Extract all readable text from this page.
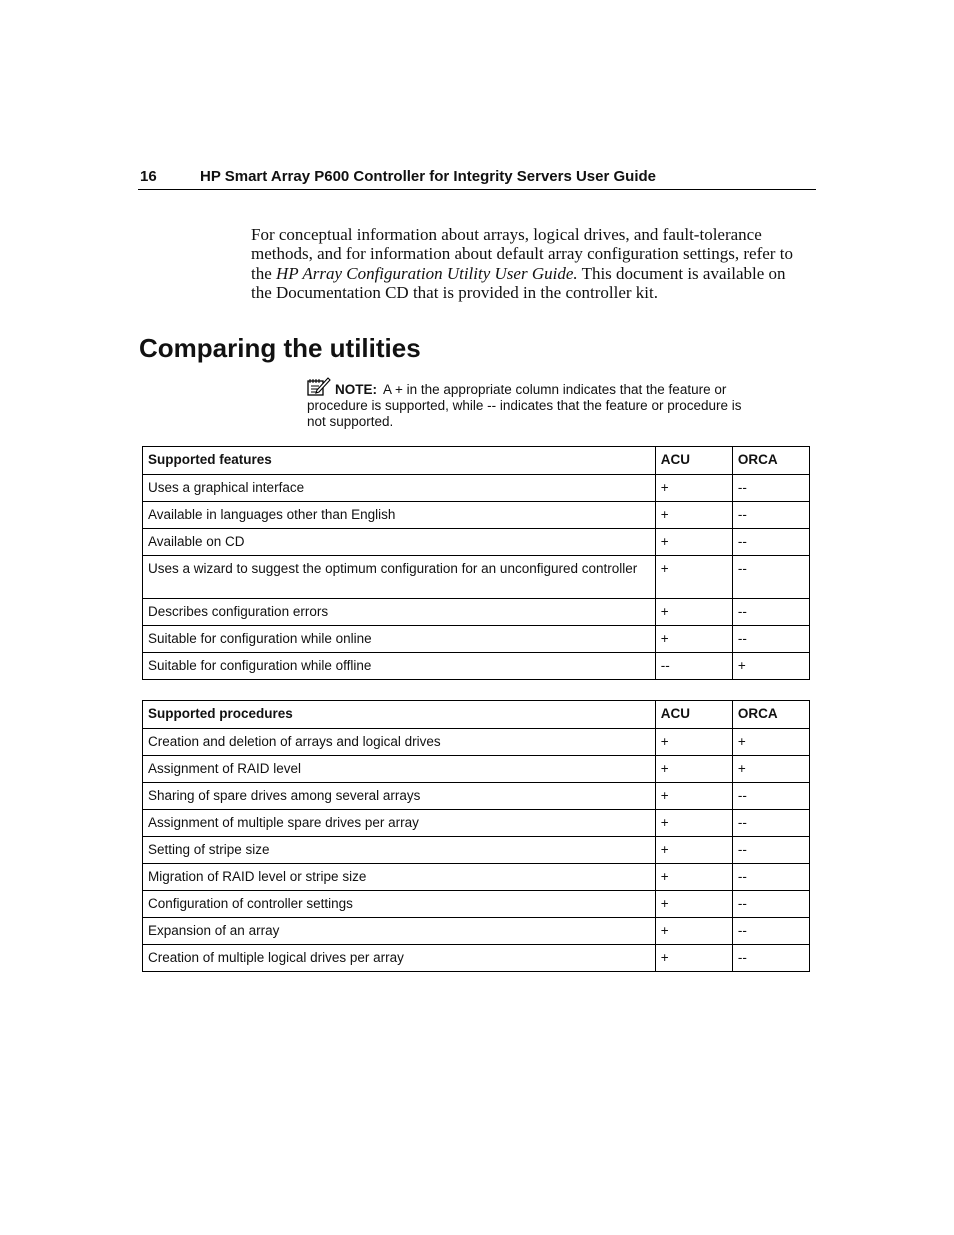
16	HP Smart Array P600 Controller for Integrity Servers User Guide

For conceptual information about arrays, logical drives, and fault-tolerance methods, and for information about default array configuration settings, refer to the HP Array Configuration Utility User Guide. This document is available on the Documentation CD that is provided in the controller kit.

Comparing the utilities
NOTE: A + in the appropriate column indicates that the feature or procedure is supported, while -- indicates that the feature or procedure is not supported.
Supported features	ACU	ORCA
Uses a graphical interface	+	--
Available in languages other than English	+	--
Available on CD	+	--
Uses a wizard to suggest the optimum configuration for an unconfigured controller	+	--
Describes configuration errors	+	--
Suitable for configuration while online	+	--
Suitable for configuration while offline	--	+
Supported procedures	ACU	ORCA
Creation and deletion of arrays and logical drives	+	+
Assignment of RAID level	+	+
Sharing of spare drives among several arrays	+	--
Assignment of multiple spare drives per array	+	--
Setting of stripe size	+	--
Migration of RAID level or stripe size	+	--
Configuration of controller settings	+	--
Expansion of an array	+	--
Creation of multiple logical drives per array	+	--
